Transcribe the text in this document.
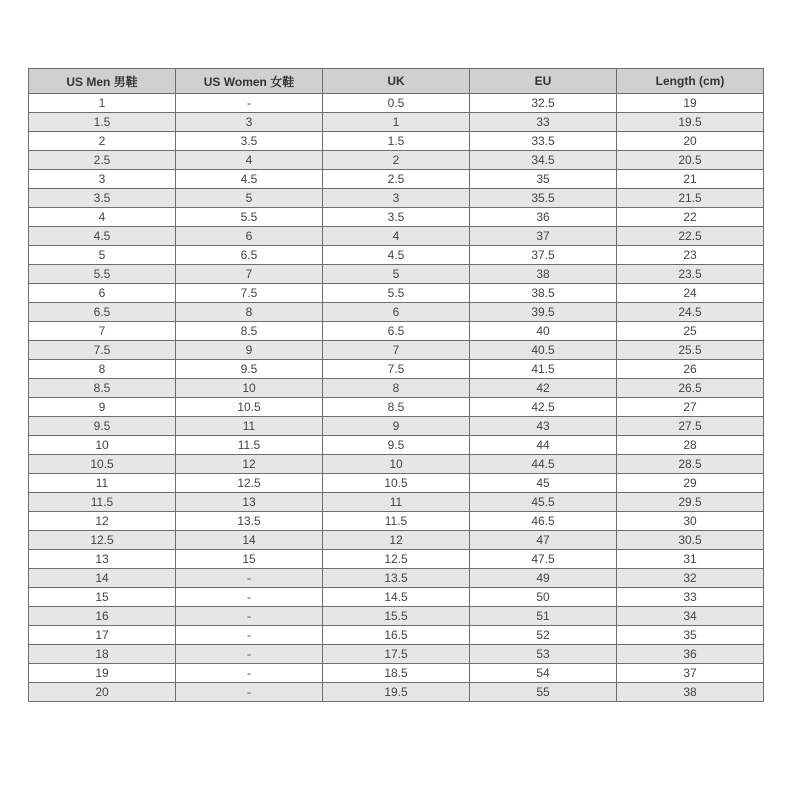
US Men 男鞋	US Women 女鞋	UK	EU	Length (cm)
1	-	0.5	32.5	19
1.5	3	1	33	19.5
2	3.5	1.5	33.5	20
2.5	4	2	34.5	20.5
3	4.5	2.5	35	21
3.5	5	3	35.5	21.5
4	5.5	3.5	36	22
4.5	6	4	37	22.5
5	6.5	4.5	37.5	23
5.5	7	5	38	23.5
6	7.5	5.5	38.5	24
6.5	8	6	39.5	24.5
7	8.5	6.5	40	25
7.5	9	7	40.5	25.5
8	9.5	7.5	41.5	26
8.5	10	8	42	26.5
9	10.5	8.5	42.5	27
9.5	11	9	43	27.5
10	11.5	9.5	44	28
10.5	12	10	44.5	28.5
11	12.5	10.5	45	29
11.5	13	11	45.5	29.5
12	13.5	11.5	46.5	30
12.5	14	12	47	30.5
13	15	12.5	47.5	31
14	-	13.5	49	32
15	-	14.5	50	33
16	-	15.5	51	34
17	-	16.5	52	35
18	-	17.5	53	36
19	-	18.5	54	37
20	-	19.5	55	38
